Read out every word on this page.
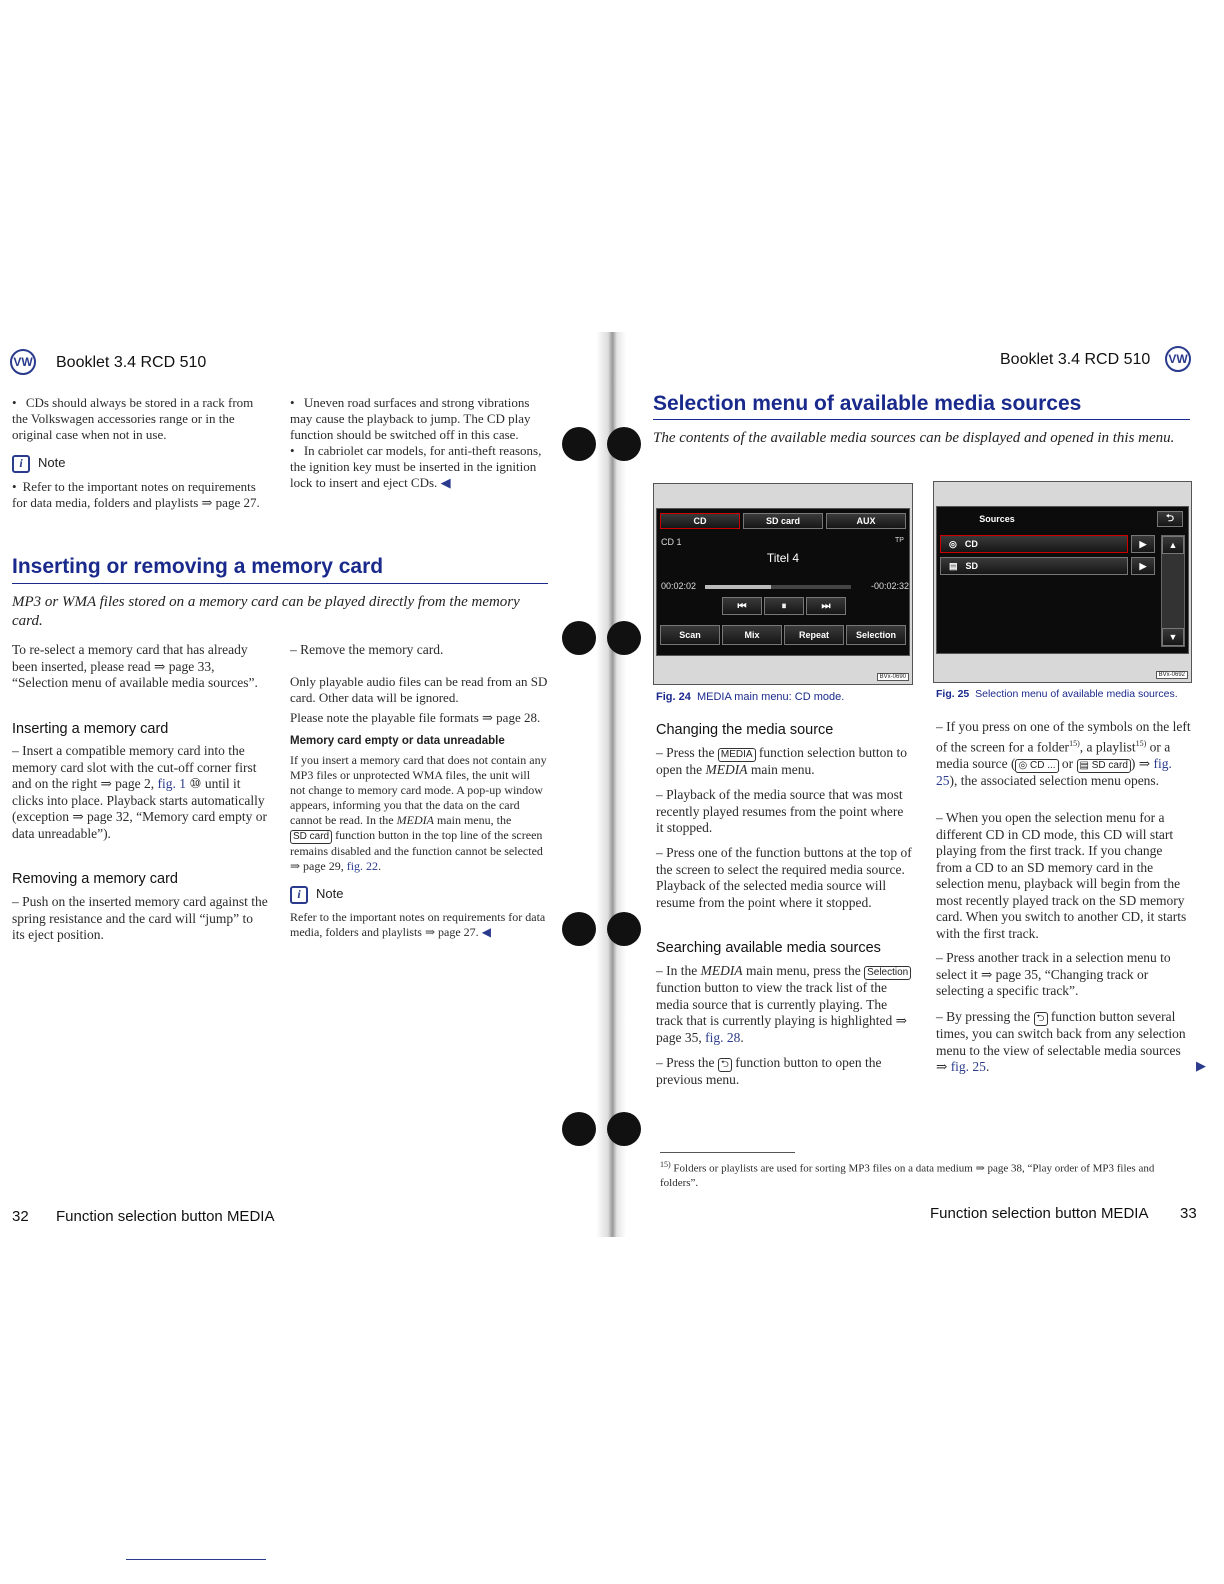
VW Booklet 3.4 RCD 510
• CDs should always be stored in a rack from the Volkswagen accessories range or in the original case when not in use.
i Note
• Refer to the important notes on requirements for data media, folders and playlists ⇒ page 27.
• Uneven road surfaces and strong vibrations may cause the playback to jump. The CD play function should be switched off in this case.
• In cabriolet car models, for anti-theft reasons, the ignition key must be inserted in the ignition lock to insert and eject CDs. ◀
Inserting or removing a memory card
MP3 or WMA files stored on a memory card can be played directly from the memory card.
To re-select a memory card that has already been inserted, please read ⇒ page 33, “Selection menu of available media sources”.
Inserting a memory card
– Insert a compatible memory card into the memory card slot with the cut-off corner first and on the right ⇒ page 2, fig. 1 ⑩ until it clicks into place. Playback starts automatically (exception ⇒ page 32, “Memory card empty or data unreadable”).
Removing a memory card
– Push on the inserted memory card against the spring resistance and the card will “jump” to its eject position.
– Remove the memory card.
Only playable audio files can be read from an SD card. Other data will be ignored.
Please note the playable file formats ⇒ page 28.
Memory card empty or data unreadable
If you insert a memory card that does not contain any MP3 files or unprotected WMA files, the unit will not change to memory card mode. A pop-up window appears, informing you that the data on the card cannot be read. In the MEDIA main menu, the SD card function button in the top line of the screen remains disabled and the function cannot be selected ⇒ page 29, fig. 22.
i Note
Refer to the important notes on requirements for data media, folders and playlists ⇒ page 27. ◀
32 Function selection button MEDIA
Booklet 3.4 RCD 510 VW
Selection menu of available media sources
The contents of the available media sources can be displayed and opened in this menu.
CD	SD card	AUX
CD 1	TP
Titel 4
00:02:02	-00:02:32
⏮	⏸	⏭
Scan	Mix	Repeat	Selection
BVx-0690
Fig. 24 MEDIA main menu: CD mode.
Sources	⮌
◎ CD	▶
▤ SD	▶
▲
▼
BVx-0692
Fig. 25 Selection menu of available media sources.
Changing the media source
– Press the MEDIA function selection button to open the MEDIA main menu.
– Playback of the media source that was most recently played resumes from the point where it stopped.
– Press one of the function buttons at the top of the screen to select the required media source. Playback of the selected media source will resume from the point where it stopped.
Searching available media sources
– In the MEDIA main menu, press the Selection function button to view the track list of the media source that is currently playing. The track that is currently playing is highlighted ⇒ page 35, fig. 28.
– Press the ⮌ function button to open the previous menu.
– If you press on one of the symbols on the left of the screen for a folder$^{15)}$, a playlist$^{15)}$ or a media source ( ◎ CD ... or ▤ SD card ) ⇒ fig. 25), the associated selection menu opens.
– When you open the selection menu for a different CD in CD mode, this CD will start playing from the first track. If you change from a CD to an SD memory card in the selection menu, playback will begin from the most recently played track on the SD memory card. When you switch to another CD, it starts with the first track.
– Press another track in a selection menu to select it ⇒ page 35, “Changing track or selecting a specific track”.
– By pressing the ⮌ function button several times, you can switch back from any selection menu to the view of selectable media sources ⇒ fig. 25.	▶
$^{15)}$ Folders or playlists are used for sorting MP3 files on a data medium ⇒ page 38, “Play order of MP3 files and folders”.
Function selection button MEDIA 33
